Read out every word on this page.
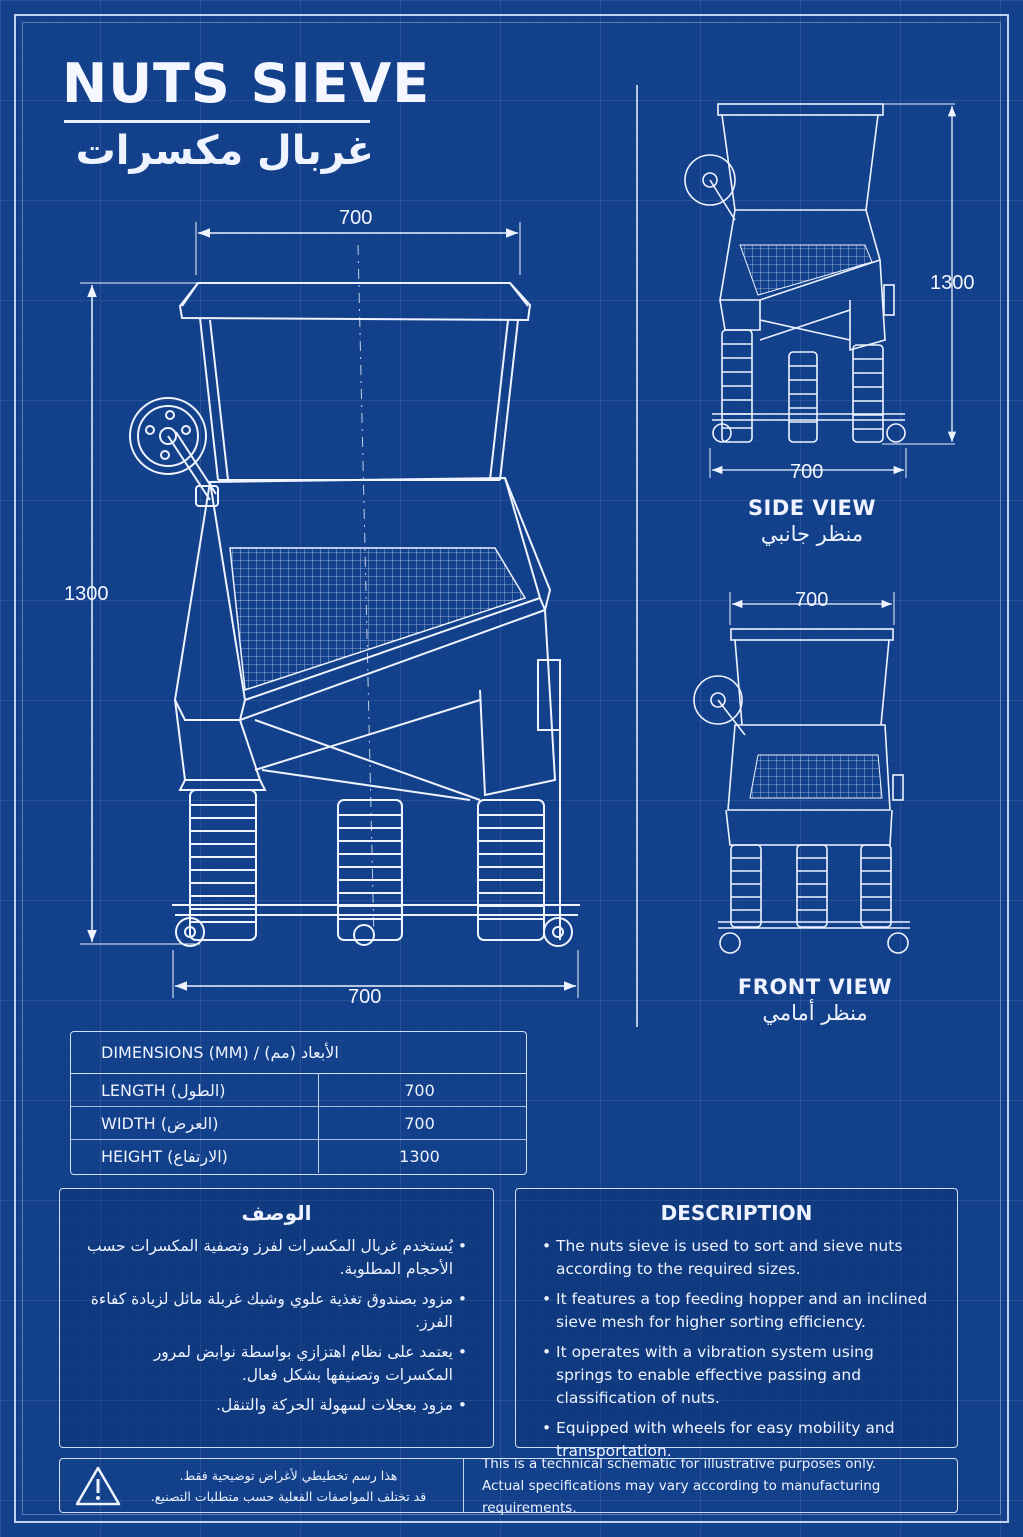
NUTS SIEVE
غربال مكسرات
700
1300
700
1300
700
700
SIDE VIEW
منظر جانبي
FRONT VIEW
منظر أمامي
DIMENSIONS (MM) / (مم) الأبعاد
LENGTH (الطول)	700
WIDTH (العرض)	700
HEIGHT (الارتفاع)	1300
الوصف
• يُستخدم غربال المكسرات لفرز وتصفية المكسرات حسب الأحجام المطلوبة.
• مزود بصندوق تغذية علوي وشبك غربلة مائل لزيادة كفاءة الفرز.
• يعتمد على نظام اهتزازي بواسطة نوابض لمرور المكسرات وتصنيفها بشكل فعال.
• مزود بعجلات لسهولة الحركة والتنقل.
DESCRIPTION
• The nuts sieve is used to sort and sieve nuts according to the required sizes.
• It features a top feeding hopper and an inclined sieve mesh for higher sorting efficiency.
• It operates with a vibration system using springs to enable effective passing and classification of nuts.
• Equipped with wheels for easy mobility and transportation.
هذا رسم تخطيطي لأغراض توضيحية فقط.
قد تختلف المواصفات الفعلية حسب متطلبات التصنيع.
This is a technical schematic for illustrative purposes only.
Actual specifications may vary according to manufacturing requirements.
